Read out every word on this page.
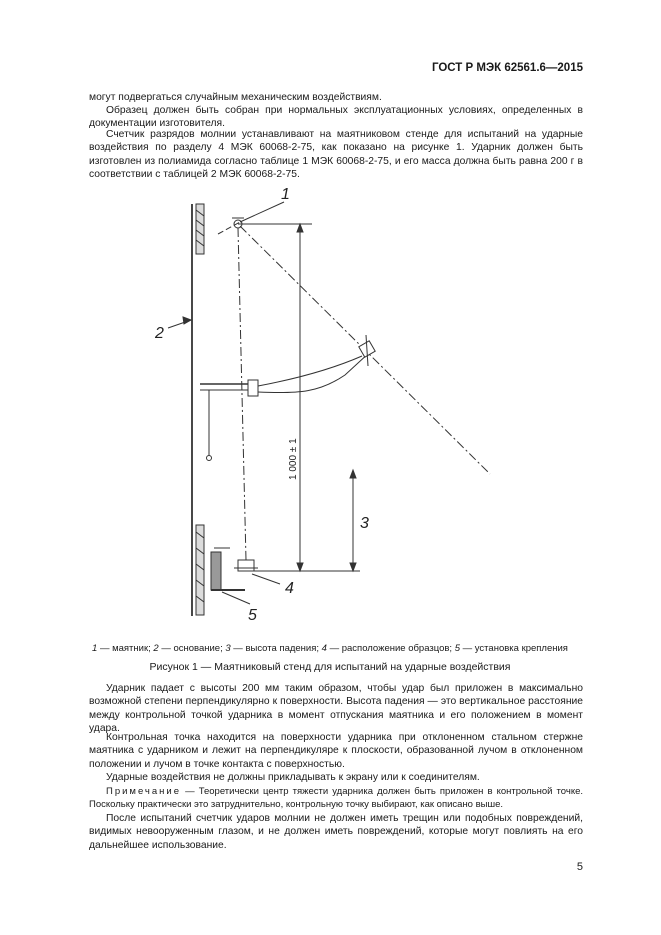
ГОСТ Р МЭК 62561.6—2015
могут подвергаться случайным механическим воздействиям.
Образец должен быть собран при нормальных эксплуатационных условиях, определенных в документации изготовителя.
Счетчик разрядов молнии устанавливают на маятниковом стенде для испытаний на ударные воздействия по разделу 4 МЭК 60068-2-75, как показано на рисунке 1. Ударник должен быть изготовлен из полиамида согласно таблице 1 МЭК 60068-2-75, и его масса должна быть равна 200 г в соответствии с таблицей 2 МЭК 60068-2-75.
1
2
3
4
5
1 000 ± 1
1 — маятник; 2 — основание; 3 — высота падения; 4 — расположение образцов; 5 — установка крепления
Рисунок 1 — Маятниковый стенд для испытаний на ударные воздействия
Ударник падает с высоты 200 мм таким образом, чтобы удар был приложен в максимально возможной степени перпендикулярно к поверхности. Высота падения — это вертикальное расстояние между контрольной точкой ударника в момент отпускания маятника и его положением в момент удара.
Контрольная точка находится на поверхности ударника при отклоненном стальном стержне маятника с ударником и лежит на перпендикуляре к плоскости, образованной лучом в отклоненном положении и лучом в точке контакта с поверхностью.
Ударные воздействия не должны прикладывать к экрану или к соединителям.
Примечание — Теоретически центр тяжести ударника должен быть приложен в контрольной точке. Поскольку практически это затруднительно, контрольную точку выбирают, как описано выше.
После испытаний счетчик ударов молнии не должен иметь трещин или подобных повреждений, видимых невооруженным глазом, и не должен иметь повреждений, которые могут повлиять на его дальнейшее использование.
5
